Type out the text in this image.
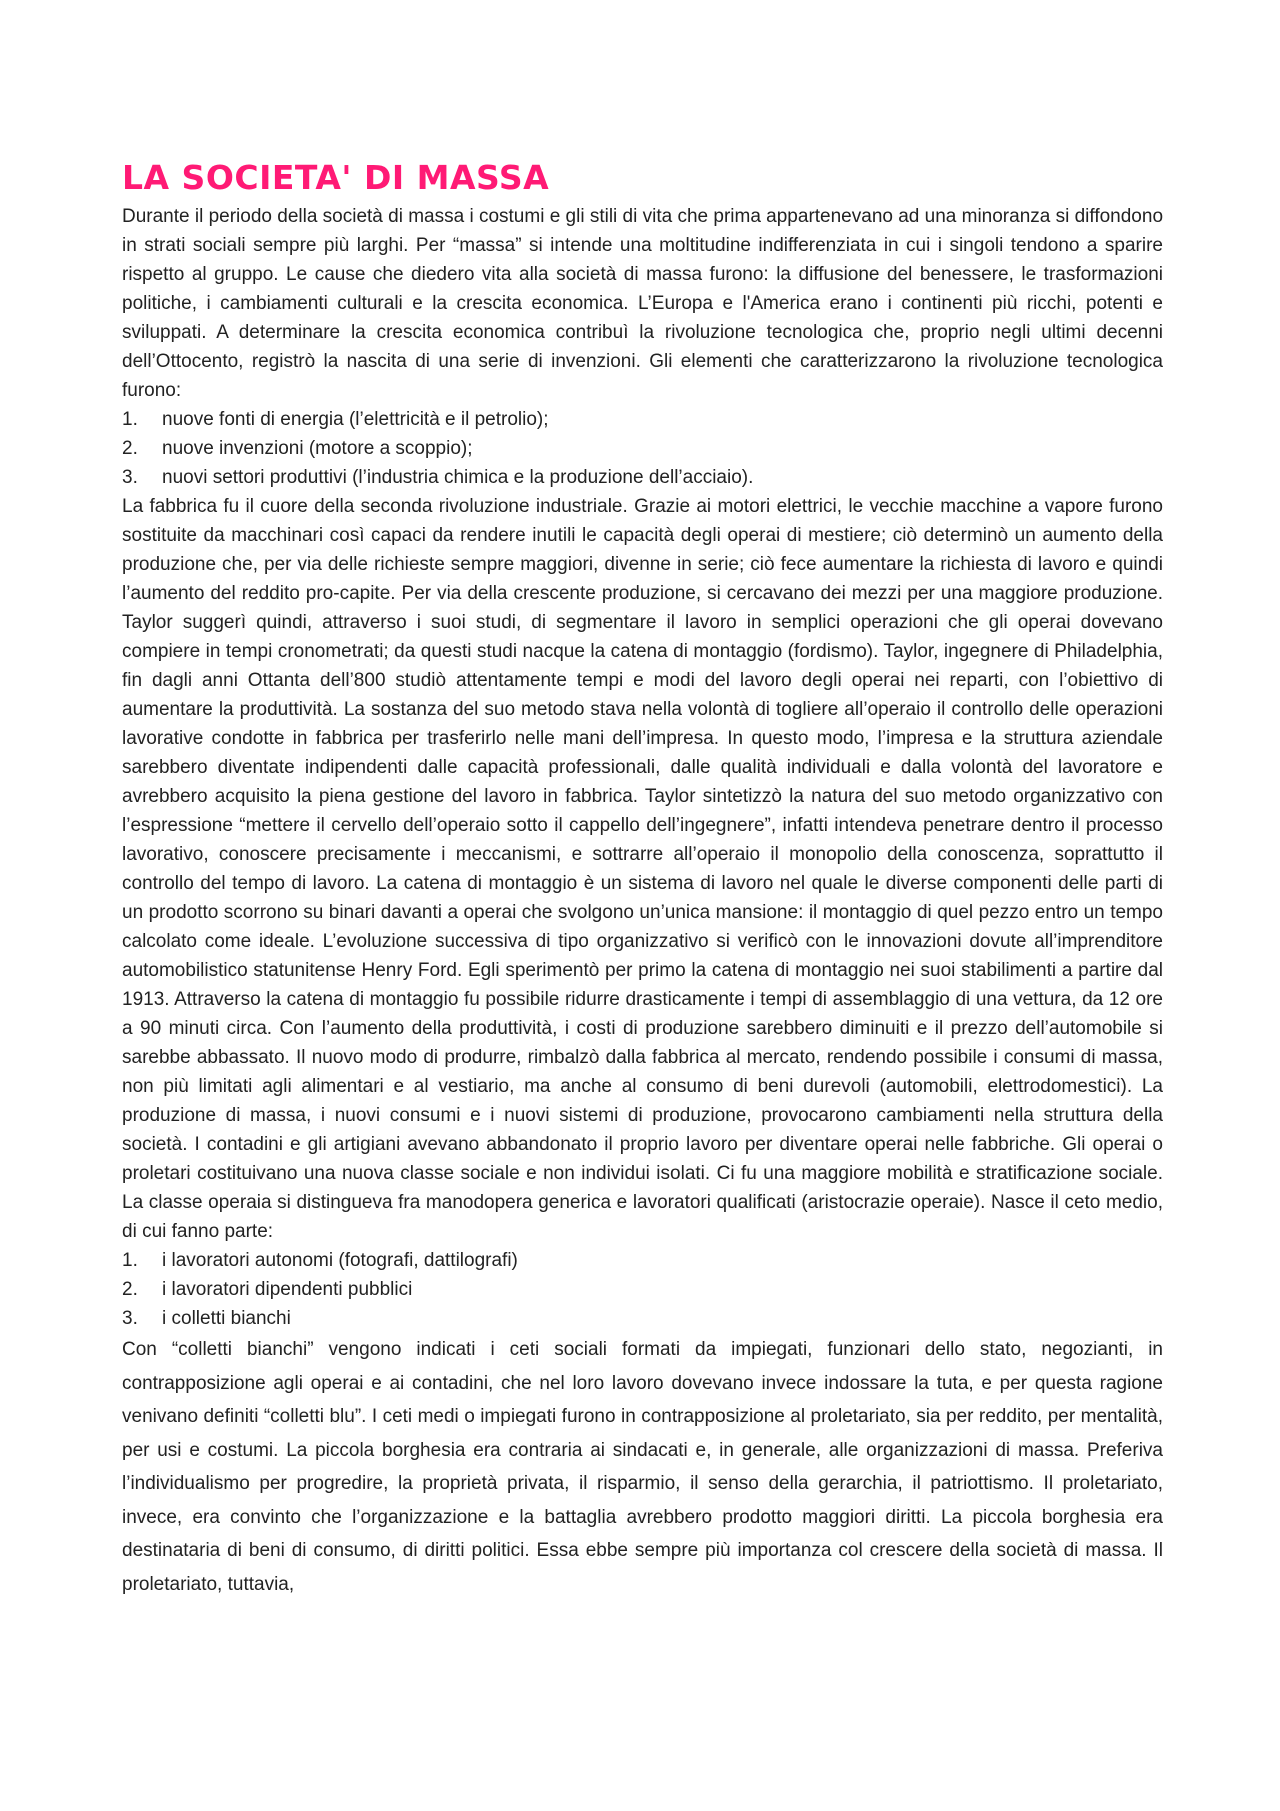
LA SOCIETA' DI MASSA

Durante il periodo della società di massa i costumi e gli stili di vita che prima appartenevano ad una minoranza si diffondono in strati sociali sempre più larghi. Per “massa” si intende una moltitudine indifferenziata in cui i singoli tendono a sparire rispetto al gruppo. Le cause che diedero vita alla società di massa furono: la diffusione del benessere, le trasformazioni politiche, i cambiamenti culturali e la crescita economica. L’Europa e l'America erano i continenti più ricchi, potenti e sviluppati. A determinare la crescita economica contribuì la rivoluzione tecnologica che, proprio negli ultimi decenni dell’Ottocento, registrò la nascita di una serie di invenzioni. Gli elementi che caratterizzarono la rivoluzione tecnologica furono:

1.	nuove fonti di energia (l’elettricità e il petrolio);
2.	nuove invenzioni (motore a scoppio);
3.	nuovi settori produttivi (l’industria chimica e la produzione dell’acciaio).

La fabbrica fu il cuore della seconda rivoluzione industriale. Grazie ai motori elettrici, le vecchie macchine a vapore furono sostituite da macchinari così capaci da rendere inutili le capacità degli operai di mestiere; ciò determinò un aumento della produzione che, per via delle richieste sempre maggiori, divenne in serie; ciò fece aumentare la richiesta di lavoro e quindi l’aumento del reddito pro-capite. Per via della crescente produzione, si cercavano dei mezzi per una maggiore produzione. Taylor suggerì quindi, attraverso i suoi studi, di segmentare il lavoro in semplici operazioni che gli operai dovevano compiere in tempi cronometrati; da questi studi nacque la catena di montaggio (fordismo). Taylor, ingegnere di Philadelphia, fin dagli anni Ottanta dell’800 studiò attentamente tempi e modi del lavoro degli operai nei reparti, con l’obiettivo di aumentare la produttività. La sostanza del suo metodo stava nella volontà di togliere all’operaio il controllo delle operazioni lavorative condotte in fabbrica per trasferirlo nelle mani dell’impresa. In questo modo, l’impresa e la struttura aziendale sarebbero diventate indipendenti dalle capacità professionali, dalle qualità individuali e dalla volontà del lavoratore e avrebbero acquisito la piena gestione del lavoro in fabbrica. Taylor sintetizzò la natura del suo metodo organizzativo con l’espressione “mettere il cervello dell’operaio sotto il cappello dell’ingegnere”, infatti intendeva penetrare dentro il processo lavorativo, conoscere precisamente i meccanismi, e sottrarre all’operaio il monopolio della conoscenza, soprattutto il controllo del tempo di lavoro. La catena di montaggio è un sistema di lavoro nel quale le diverse componenti delle parti di un prodotto scorrono su binari davanti a operai che svolgono un’unica mansione: il montaggio di quel pezzo entro un tempo calcolato come ideale. L’evoluzione successiva di tipo organizzativo si verificò con le innovazioni dovute all’imprenditore automobilistico statunitense Henry Ford. Egli sperimentò per primo la catena di montaggio nei suoi stabilimenti a partire dal 1913. Attraverso la catena di montaggio fu possibile ridurre drasticamente i tempi di assemblaggio di una vettura, da 12 ore a 90 minuti circa. Con l’aumento della produttività, i costi di produzione sarebbero diminuiti e il prezzo dell’automobile si sarebbe abbassato. Il nuovo modo di produrre, rimbalzò dalla fabbrica al mercato, rendendo possibile i consumi di massa, non più limitati agli alimentari e al vestiario, ma anche al consumo di beni durevoli (automobili, elettrodomestici). La produzione di massa, i nuovi consumi e i nuovi sistemi di produzione, provocarono cambiamenti nella struttura della società. I contadini e gli artigiani avevano abbandonato il proprio lavoro per diventare operai nelle fabbriche. Gli operai o proletari costituivano una nuova classe sociale e non individui isolati. Ci fu una maggiore mobilità e stratificazione sociale. La classe operaia si distingueva fra manodopera generica e lavoratori qualificati (aristocrazie operaie). Nasce il ceto medio, di cui fanno parte:

1.	i lavoratori autonomi (fotografi, dattilografi)
2.	i lavoratori dipendenti pubblici
3.	i colletti bianchi

Con “colletti bianchi” vengono indicati i ceti sociali formati da impiegati, funzionari dello stato, negozianti, in contrapposizione agli operai e ai contadini, che nel loro lavoro dovevano invece indossare la tuta, e per questa ragione venivano definiti “colletti blu”. I ceti medi o impiegati furono in contrapposizione al proletariato, sia per reddito, per mentalità, per usi e costumi. La piccola borghesia era contraria ai sindacati e, in generale, alle organizzazioni di massa. Preferiva l’individualismo per progredire, la proprietà privata, il risparmio, il senso della gerarchia, il patriottismo. Il proletariato, invece, era convinto che l’organizzazione e la battaglia avrebbero prodotto maggiori diritti. La piccola borghesia era destinataria di beni di consumo, di diritti politici. Essa ebbe sempre più importanza col crescere della società di massa. Il proletariato, tuttavia,
